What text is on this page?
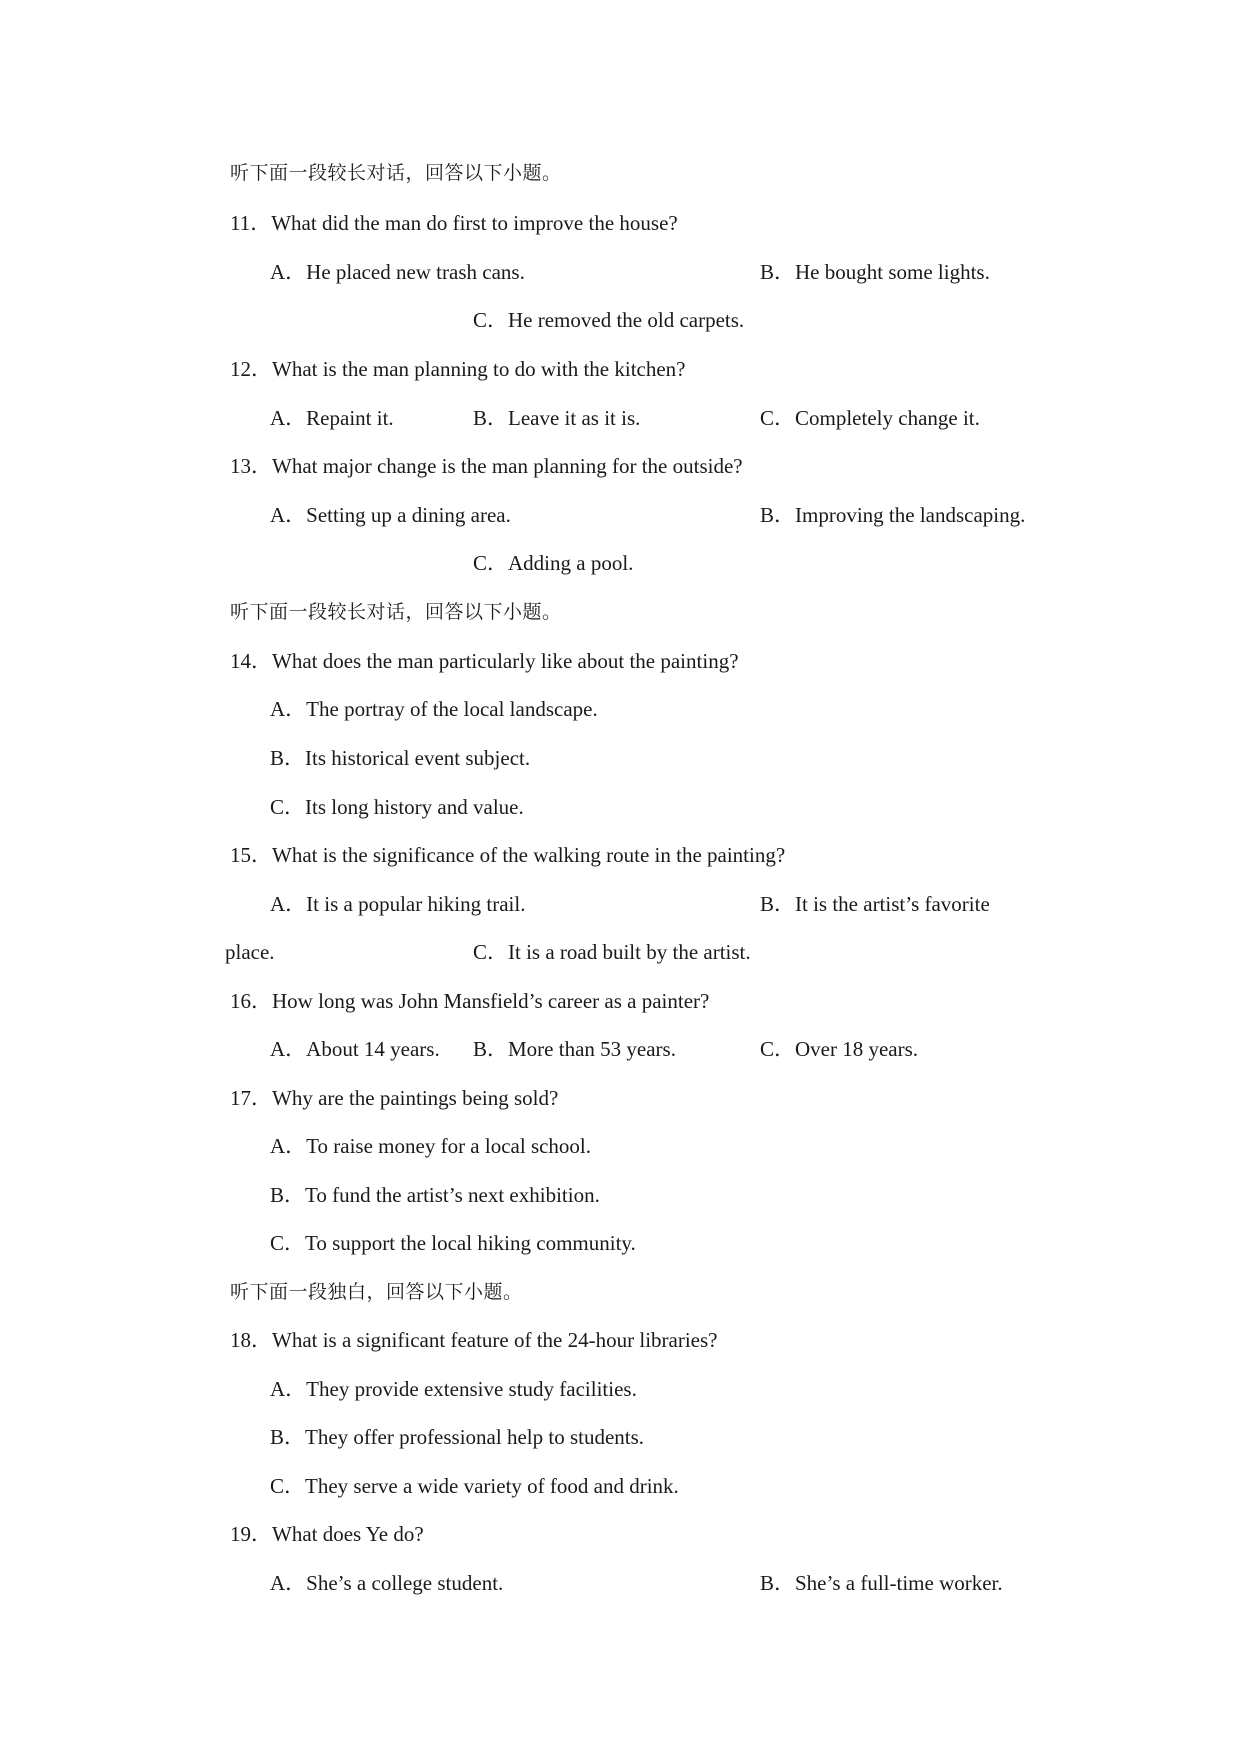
听下面一段较长对话，回答以下小题。
11．What did the man do first to improve the house?
A．He placed new trash cans.	B．He bought some lights.
C．He removed the old carpets.
12．What is the man planning to do with the kitchen?
A．Repaint it.	B．Leave it as it is.	C．Completely change it.
13．What major change is the man planning for the outside?
A．Setting up a dining area.	B．Improving the landscaping.
C．Adding a pool.
听下面一段较长对话，回答以下小题。
14．What does the man particularly like about the painting?
A．The portray of the local landscape.
B．Its historical event subject.
C．Its long history and value.
15．What is the significance of the walking route in the painting?
A．It is a popular hiking trail.	B．It is the artist’s favorite
place.	C．It is a road built by the artist.
16．How long was John Mansfield’s career as a painter?
A．About 14 years. B．More than 53 years.	C．Over 18 years.
17．Why are the paintings being sold?
A．To raise money for a local school.
B．To fund the artist’s next exhibition.
C．To support the local hiking community.
听下面一段独白，回答以下小题。
18．What is a significant feature of the 24-hour libraries?
A．They provide extensive study facilities.
B．They offer professional help to students.
C．They serve a wide variety of food and drink.
19．What does Ye do?
A．She’s a college student.	B．She’s a full-time worker.
